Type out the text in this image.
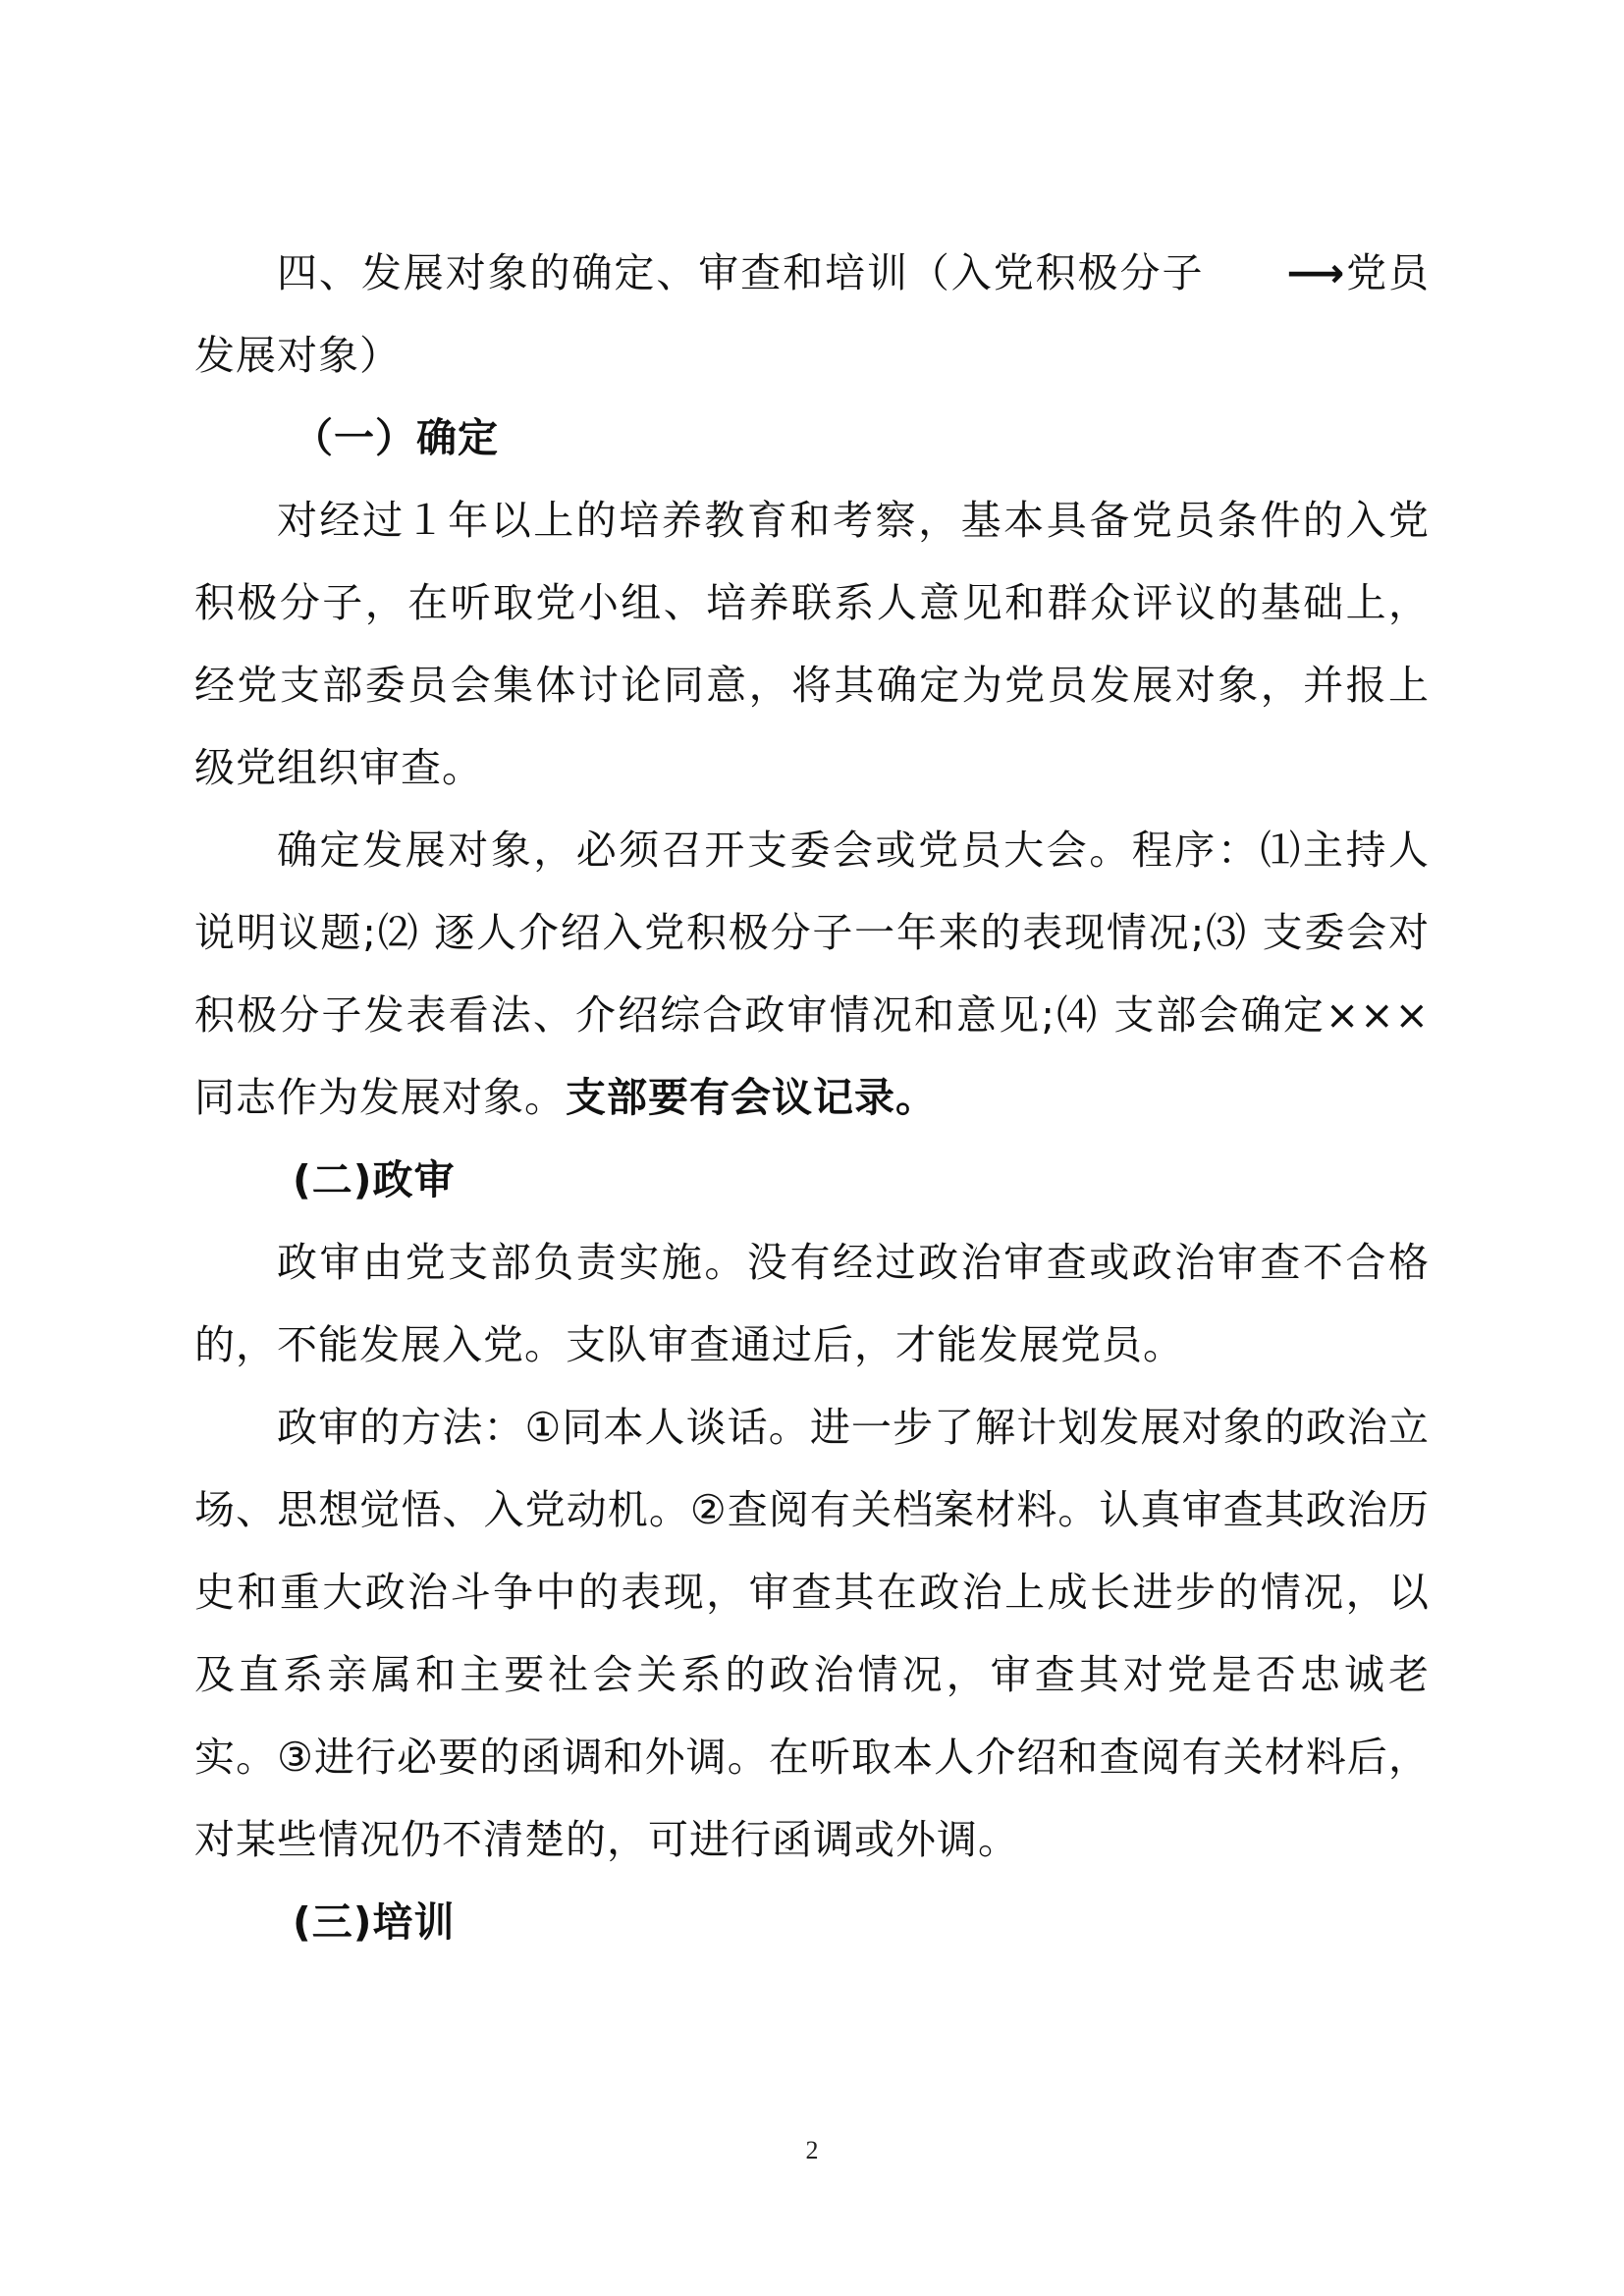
四、发展对象的确定、审查和培训（入党积极分子 ⟶党员发展对象）

（一）确定

对经过１年以上的培养教育和考察，基本具备党员条件的入党积极分子，在听取党小组、培养联系人意见和群众评议的基础上，经党支部委员会集体讨论同意，将其确定为党员发展对象，并报上级党组织审查。

确定发展对象，必须召开支委会或党员大会。程序：⑴主持人说明议题;⑵ 逐人介绍入党积极分子一年来的表现情况;⑶ 支委会对积极分子发表看法、介绍综合政审情况和意见;⑷ 支部会确定×××同志作为发展对象。支部要有会议记录。

(二)政审

政审由党支部负责实施。没有经过政治审查或政治审查不合格的，不能发展入党。支队审查通过后，才能发展党员。

政审的方法：①同本人谈话。进一步了解计划发展对象的政治立场、思想觉悟、入党动机。②查阅有关档案材料。认真审查其政治历史和重大政治斗争中的表现，审查其在政治上成长进步的情况，以及直系亲属和主要社会关系的政治情况，审查其对党是否忠诚老实。③进行必要的函调和外调。在听取本人介绍和查阅有关材料后，对某些情况仍不清楚的，可进行函调或外调。

(三)培训

2
